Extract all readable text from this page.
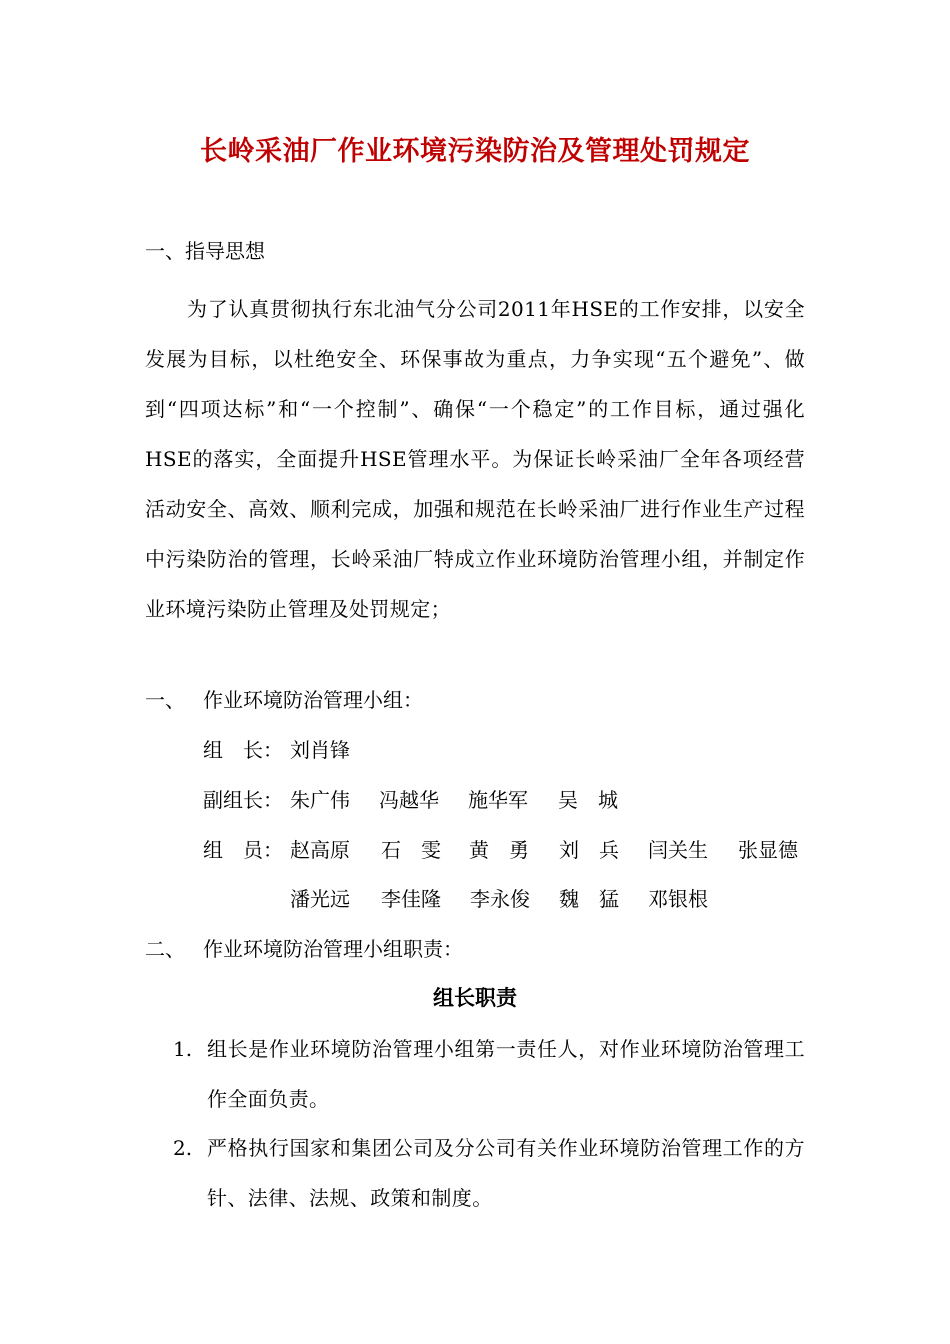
长岭采油厂作业环境污染防治及管理处罚规定
一、指导思想
为了认真贯彻执行东北油气分公司2011年HSE的工作安排，以安全发展为目标，以杜绝安全、环保事故为重点，力争实现“五个避免”、做到“四项达标”和“一个控制”、确保“一个稳定”的工作目标，通过强化HSE的落实，全面提升HSE管理水平。为保证长岭采油厂全年各项经营活动安全、高效、顺利完成，加强和规范在长岭采油厂进行作业生产过程中污染防治的管理，长岭采油厂特成立作业环境防治管理小组，并制定作业环境污染防止管理及处罚规定；
一、 作业环境防治管理小组：
组　长： 刘肖锋
副组长： 朱广伟 冯越华 施华军 吴　城
组　员： 赵高原 石　雯 黄　勇 刘　兵 闫关生 张显德
潘光远 李佳隆 李永俊 魏　猛 邓银根
二、 作业环境防治管理小组职责：
组长职责
1. 组长是作业环境防治管理小组第一责任人，对作业环境防治管理工作全面负责。
2. 严格执行国家和集团公司及分公司有关作业环境防治管理工作的方针、法律、法规、政策和制度。
